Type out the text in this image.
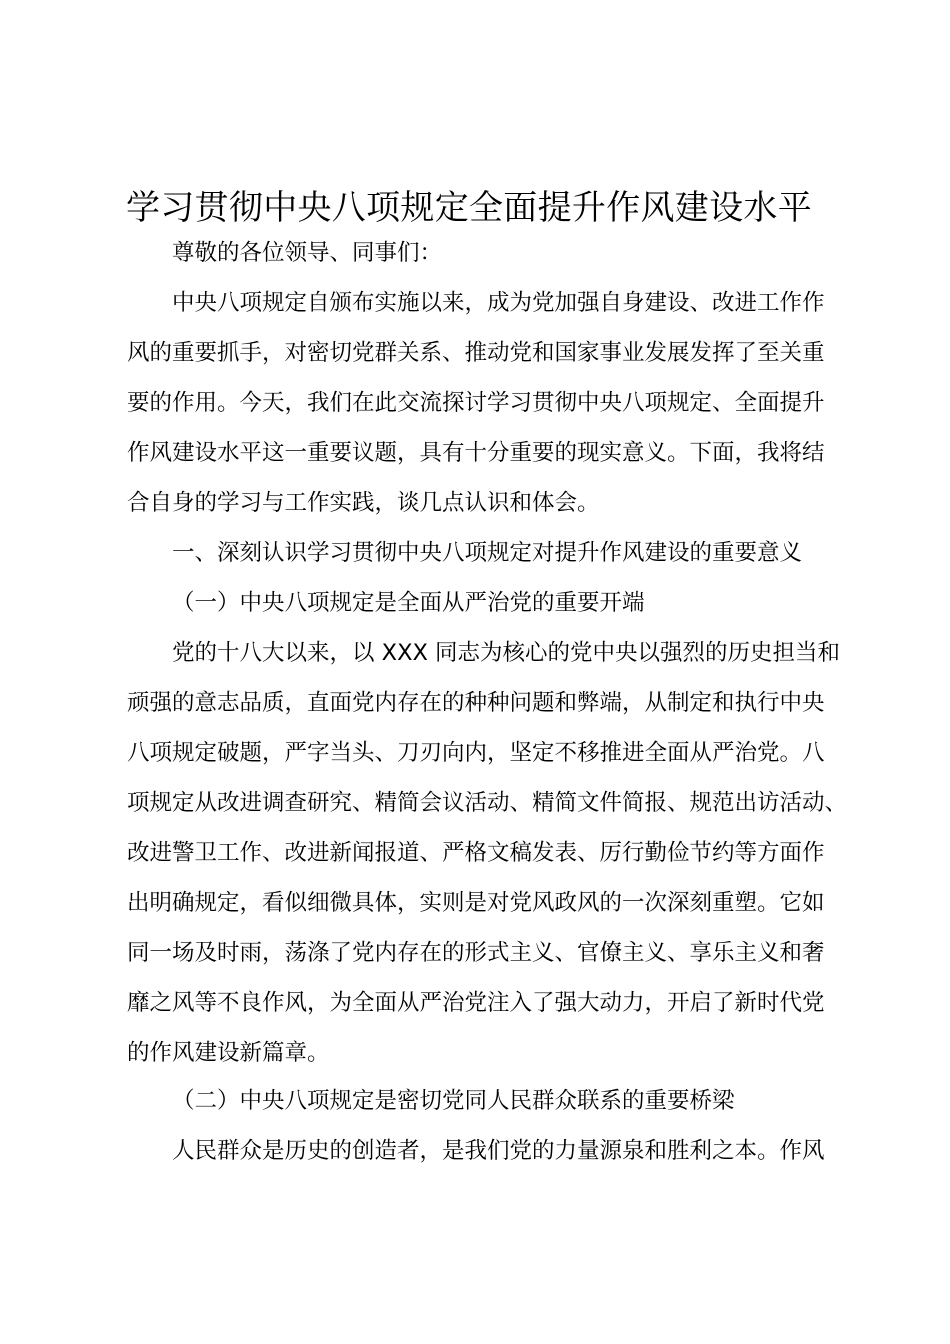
学习贯彻中央八项规定全面提升作风建设水平

尊敬的各位领导、同事们：

中央八项规定自颁布实施以来，成为党加强自身建设、改进工作作
风的重要抓手，对密切党群关系、推动党和国家事业发展发挥了至关重
要的作用。今天，我们在此交流探讨学习贯彻中央八项规定、全面提升
作风建设水平这一重要议题，具有十分重要的现实意义。下面，我将结
合自身的学习与工作实践，谈几点认识和体会。

一、深刻认识学习贯彻中央八项规定对提升作风建设的重要意义

（一）中央八项规定是全面从严治党的重要开端

党的十八大以来，以 XXX 同志为核心的党中央以强烈的历史担当和
顽强的意志品质，直面党内存在的种种问题和弊端，从制定和执行中央
八项规定破题，严字当头、刀刃向内，坚定不移推进全面从严治党。八
项规定从改进调查研究、精简会议活动、精简文件简报、规范出访活动、
改进警卫工作、改进新闻报道、严格文稿发表、厉行勤俭节约等方面作
出明确规定，看似细微具体，实则是对党风政风的一次深刻重塑。它如
同一场及时雨，荡涤了党内存在的形式主义、官僚主义、享乐主义和奢
靡之风等不良作风，为全面从严治党注入了强大动力，开启了新时代党
的作风建设新篇章。

（二）中央八项规定是密切党同人民群众联系的重要桥梁

人民群众是历史的创造者，是我们党的力量源泉和胜利之本。作风
